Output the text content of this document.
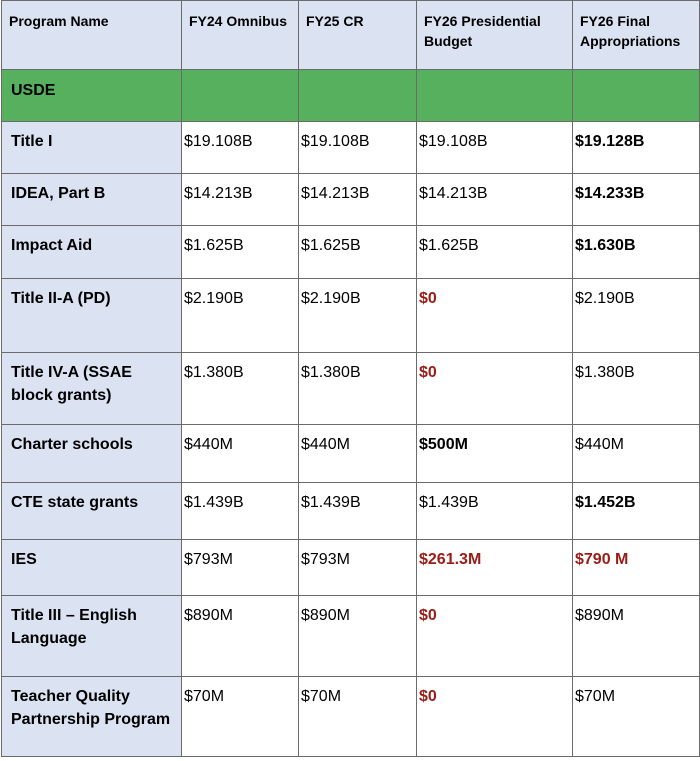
Program Name	FY24 Omnibus	FY25 CR	FY26 Presidential Budget	FY26 Final Appropriations
USDE				
Title I	$19.108B	$19.108B	$19.108B	$19.128B
IDEA, Part B	$14.213B	$14.213B	$14.213B	$14.233B
Impact Aid	$1.625B	$1.625B	$1.625B	$1.630B
Title II-A (PD)	$2.190B	$2.190B	$0	$2.190B
Title IV-A (SSAE block grants)	$1.380B	$1.380B	$0	$1.380B
Charter schools	$440M	$440M	$500M	$440M
CTE state grants	$1.439B	$1.439B	$1.439B	$1.452B
IES	$793M	$793M	$261.3M	$790 M
Title III – English Language	$890M	$890M	$0	$890M
Teacher Quality Partnership Program	$70M	$70M	$0	$70M
